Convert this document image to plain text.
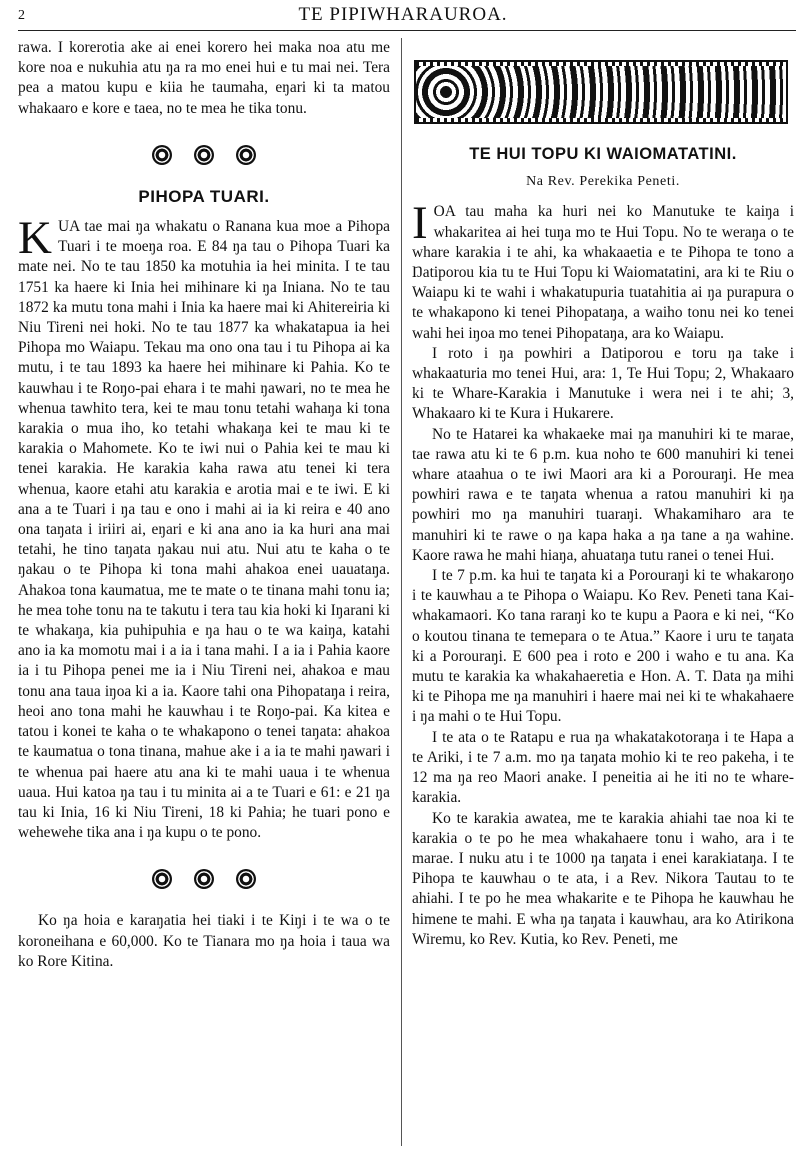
2	TE PIPIWHARAUROA.

rawa. I korerotia ake ai enei korero hei maka noa atu me kore noa e nukuhia atu ŋa ra mo enei hui e tu mai nei. Tera pea a matou kupu e kiia he taumaha, eŋari ki ta matou whakaaro e kore e taea, no te mea he tika tonu.

PIHOPA TUARI.

KUA tae mai ŋa whakatu o Ranana kua moe a Pihopa Tuari i te moeŋa roa. E 84 ŋa tau o Pihopa Tuari ka mate nei. No te tau 1850 ka motuhia ia hei minita. I te tau 1751 ka haere ki Inia hei mihinare ki ŋa Iniana. No te tau 1872 ka mutu tona mahi i Inia ka haere mai ki Ahitereiria ki Niu Tireni nei hoki. No te tau 1877 ka whakatapua ia hei Pihopa mo Waiapu. Tekau ma ono ona tau i tu Pihopa ai ka mutu, i te tau 1893 ka haere hei mihinare ki Pahia. Ko te kauwhau i te Roŋo-pai ehara i te mahi ŋawari, no te mea he whenua tawhito tera, kei te mau tonu tetahi wahaŋa ki tona karakia o mua iho, ko tetahi whakaŋa kei te mau ki te karakia o Mahomete. Ko te iwi nui o Pahia kei te mau ki tenei karakia. He karakia kaha rawa atu tenei ki tera whenua, kaore etahi atu karakia e arotia mai e te iwi. E ki ana a te Tuari i ŋa tau e ono i mahi ai ia ki reira e 40 ano ona taŋata i iriiri ai, eŋari e ki ana ano ia ka huri ana mai tetahi, he tino taŋata ŋakau nui atu. Nui atu te kaha o te ŋakau o te Pihopa ki tona mahi ahakoa enei uauataŋa. Ahakoa tona kaumatua, me te mate o te tinana mahi tonu ia; he mea tohe tonu na te takutu i tera tau kia hoki ki Iŋarani ki te whakaŋa, kia puhipuhia e ŋa hau o te wa kaiŋa, katahi ano ia ka momotu mai i a ia i tana mahi. I a ia i Pahia kaore ia i tu Pihopa penei me ia i Niu Tireni nei, ahakoa e mau tonu ana taua iŋoa ki a ia. Kaore tahi ona Pihopataŋa i reira, heoi ano tona mahi he kauwhau i te Roŋo-pai. Ka kitea e tatou i konei te kaha o te whakapono o tenei taŋata: ahakoa te kaumatua o tona tinana, mahue ake i a ia te mahi ŋawari i te whenua pai haere atu ana ki te mahi uaua i te whenua uaua. Hui katoa ŋa tau i tu minita ai a te Tuari e 61: e 21 ŋa tau ki Inia, 16 ki Niu Tireni, 18 ki Pahia; he tuari pono e wehewehe tika ana i ŋa kupu o te pono.

Ko ŋa hoia e karaŋatia hei tiaki i te Kiŋi i te wa o te koroneihana e 60,000. Ko te Tianara mo ŋa hoia i taua wa ko Rore Kitina.

TE HUI TOPU KI WAIOMATATINI.
Na Rev. Pereki​ka Peneti.

IOA tau maha ka huri nei ko Manutuke te kaiŋa i whakaritea ai hei tuŋa mo te Hui Topu. No te weraŋa o te whare karakia i te ahi, ka whakaaetia e te Pihopa te tono a Ŋatiporou kia tu te Hui Topu ki Waiomatatini, ara ki te Riu o Waiapu ki te wahi i whakatupuria tuatahitia ai ŋa purapura o te whakapono ki tenei Pihopataŋa, a waiho tonu nei ko tenei wahi hei iŋoa mo tenei Pihopataŋa, ara ko Waiapu.

I roto i ŋa powhiri a Ŋatiporou e toru ŋa take i whakaaturia mo tenei Hui, ara: 1, Te Hui Topu; 2, Whakaaro ki te Whare-Karakia i Manutuke i wera nei i te ahi; 3, Whakaaro ki te Kura i Hukarere.

No te Hatarei ka whakaeke mai ŋa manuhiri ki te marae, tae rawa atu ki te 6 p.m. kua noho te 600 manuhiri ki tenei whare ataahua o te iwi Maori ara ki a Porouraŋi. He mea powhiri rawa e te taŋata whenua a ratou manuhiri ki ŋa powhiri mo ŋa manuhiri tuaraŋi. Whakamiharo ara te manuhiri ki te rawe o ŋa kapa haka a ŋa tane a ŋa wahine. Kaore rawa he mahi hiaŋa, ahuataŋa tutu ranei o tenei Hui.

I te 7 p.m. ka hui te taŋata ki a Porouraŋi ki te whakaroŋo i te kauwhau a te Pihopa o Waiapu. Ko Rev. Peneti tana Kai-whakamaori. Ko tana raraŋi ko te kupu a Paora e ki nei, “Ko o koutou tinana te temepara o te Atua.” Kaore i uru te taŋata ki a Porouraŋi. E 600 pea i roto e 200 i waho e tu ana. Ka mutu te karakia ka whakahaeretia e Hon. A. T. Ŋata ŋa mihi ki te Pihopa me ŋa manuhiri i haere mai nei ki te whakahaere i ŋa mahi o te Hui Topu.

I te ata o te Ratapu e rua ŋa whakatakotoraŋa i te Hapa a te Ariki, i te 7 a.m. mo ŋa taŋata mohio ki te reo pakeha, i te 12 ma ŋa reo Maori anake. I peneitia ai he iti no te whare-karakia.

Ko te karakia awatea, me te karakia ahiahi tae noa ki te karakia o te po he mea whakahaere tonu i waho, ara i te marae. I nuku atu i te 1000 ŋa taŋata i enei karakiataŋa. I te Pihopa te kauwhau o te ata, i a Rev. Nikora Tautau to te ahiahi. I te po he mea whakarite e te Pihopa he kauwhau he himene te mahi. E wha ŋa taŋata i kauwhau, ara ko Atirikona Wiremu, ko Rev. Kutia, ko Rev. Peneti, me
